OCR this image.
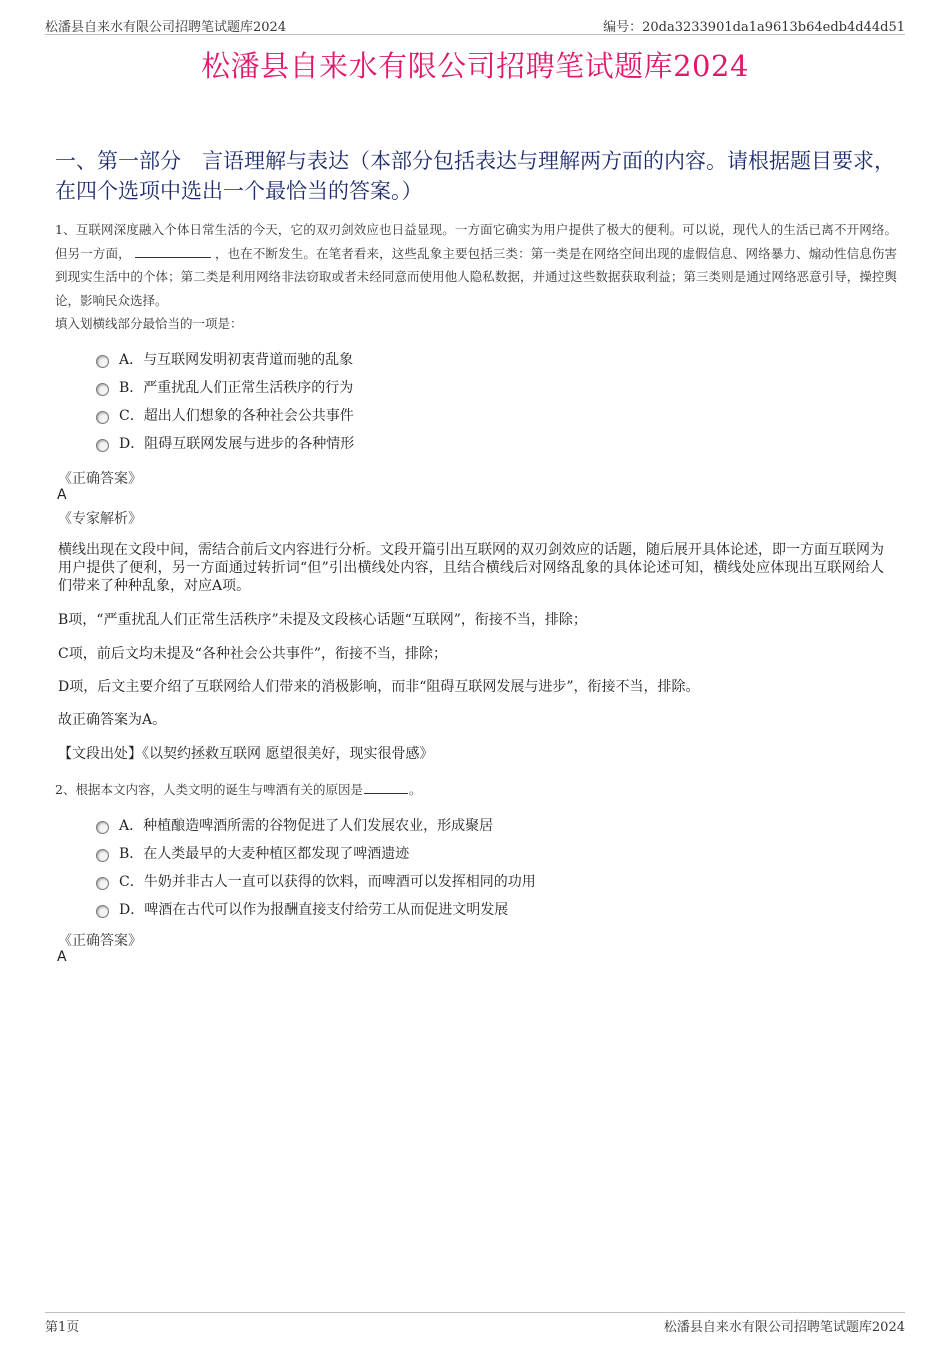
松潘县自来水有限公司招聘笔试题库2024	编号：20da3233901da1a9613b64edb4d44d51
松潘县自来水有限公司招聘笔试题库2024
一、第一部分　言语理解与表达（本部分包括表达与理解两方面的内容。请根据题目要求，在四个选项中选出一个最恰当的答案。）
1、互联网深度融入个体日常生活的今天，它的双刃剑效应也日益显现。一方面它确实为用户提供了极大的便利。可以说，现代人的生活已离不开网络。但另一方面，	，也在不断发生。在笔者看来，这些乱象主要包括三类：第一类是在网络空间出现的虚假信息、网络暴力、煽动性信息伤害到现实生活中的个体；第二类是利用网络非法窃取或者未经同意而使用他人隐私数据，并通过这些数据获取利益；第三类则是通过网络恶意引导，操控舆论，影响民众选择。
填入划横线部分最恰当的一项是：
A．与互联网发明初衷背道而驰的乱象
B．严重扰乱人们正常生活秩序的行为
C．超出人们想象的各种社会公共事件
D．阻碍互联网发展与进步的各种情形
《正确答案》
A
《专家解析》
横线出现在文段中间，需结合前后文内容进行分析。文段开篇引出互联网的双刃剑效应的话题，随后展开具体论述，即一方面互联网为用户提供了便利，另一方面通过转折词“但”引出横线处内容，且结合横线后对网络乱象的具体论述可知，横线处应体现出互联网给人们带来了种种乱象，对应A项。
B项，“严重扰乱人们正常生活秩序”未提及文段核心话题“互联网”，衔接不当，排除；
C项，前后文均未提及“各种社会公共事件”，衔接不当，排除；
D项，后文主要介绍了互联网给人们带来的消极影响，而非“阻碍互联网发展与进步”，衔接不当，排除。
故正确答案为A。
【文段出处】《以契约拯救互联网 愿望很美好，现实很骨感》
2、根据本文内容，人类文明的诞生与啤酒有关的原因是	。
A．种植酿造啤酒所需的谷物促进了人们发展农业，形成聚居
B．在人类最早的大麦种植区都发现了啤酒遗迹
C．牛奶并非古人一直可以获得的饮料，而啤酒可以发挥相同的功用
D．啤酒在古代可以作为报酬直接支付给劳工从而促进文明发展
《正确答案》
A
第1页	松潘县自来水有限公司招聘笔试题库2024
